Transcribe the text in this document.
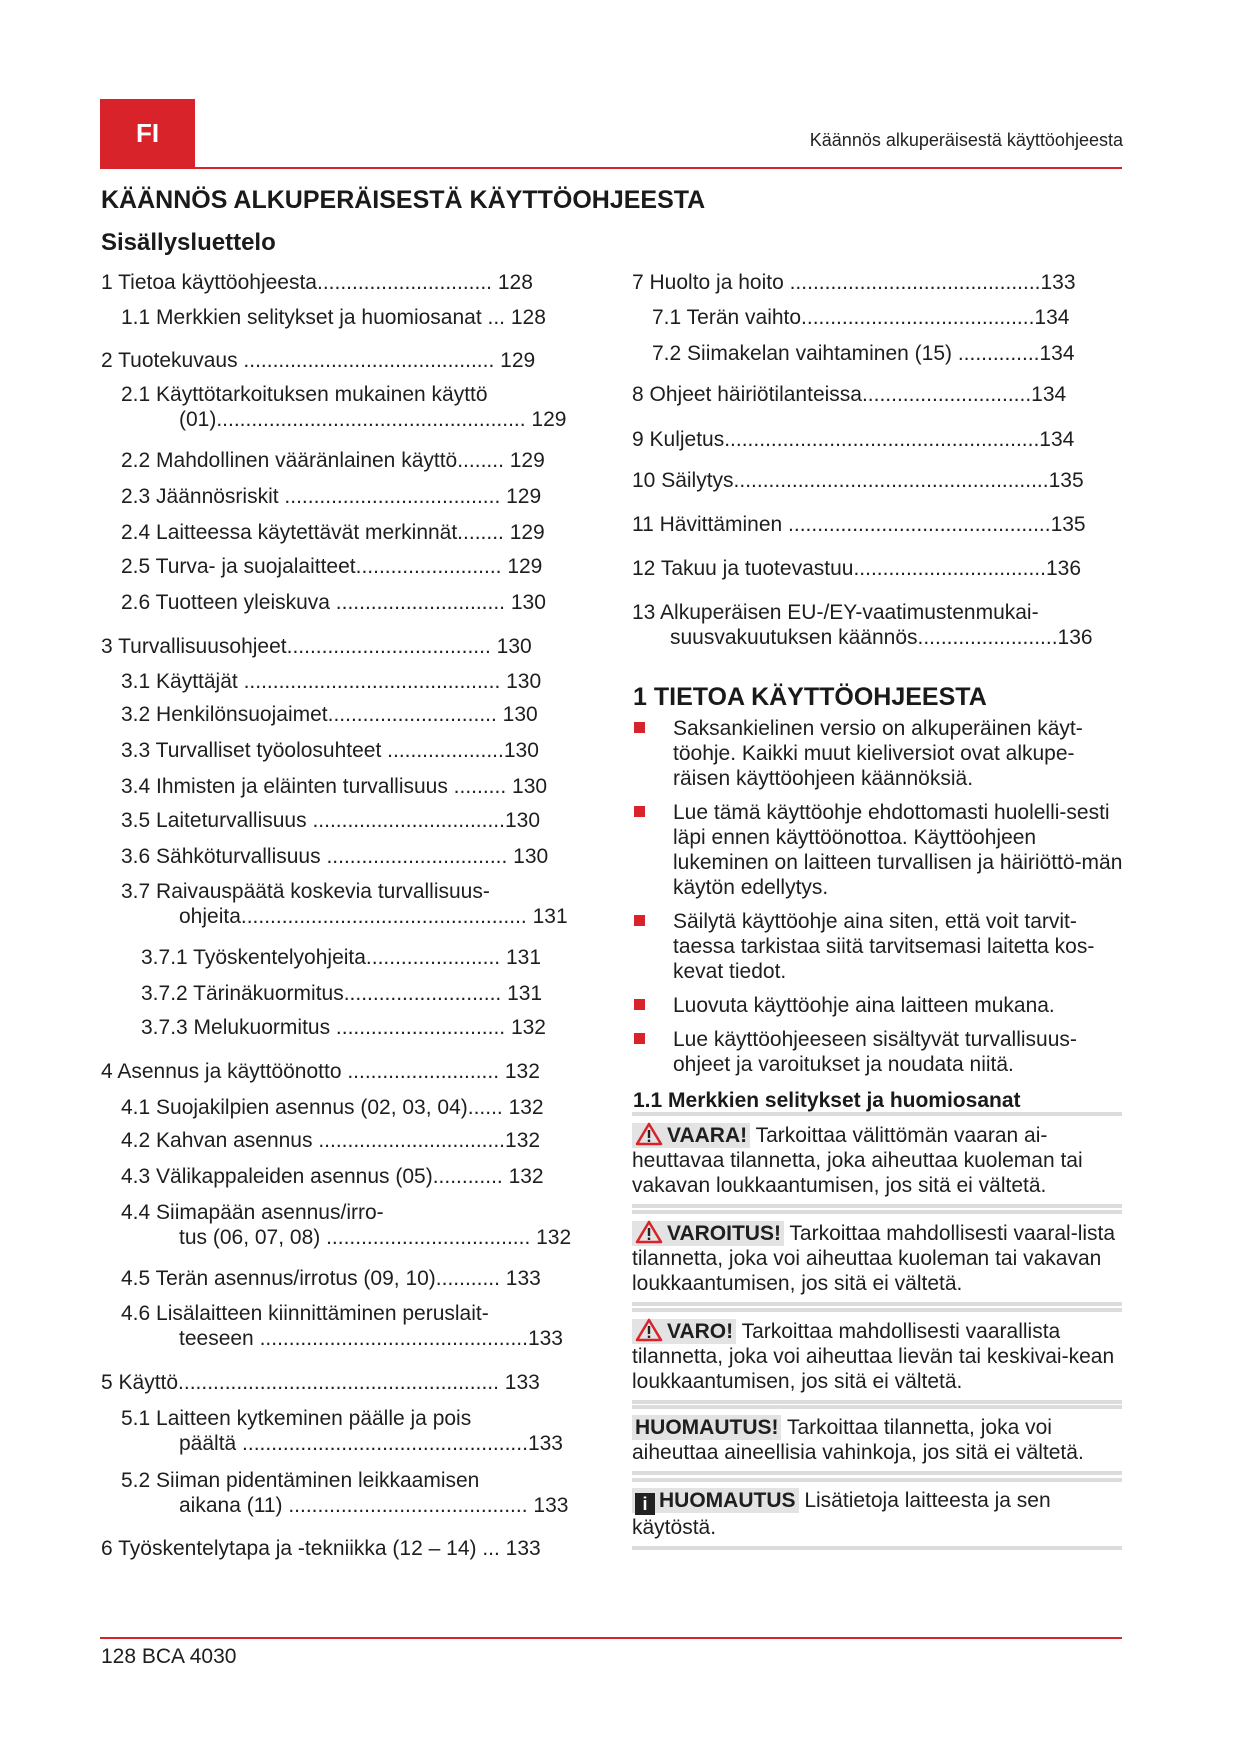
FI	Käännös alkuperäisestä käyttöohjeesta
KÄÄNNÖS ALKUPERÄISESTÄ KÄYTTÖOHJEESTA
Sisällysluettelo
1 Tietoa käyttöohjeesta.............................. 128
1.1 Merkkien selitykset ja huomiosanat ... 128
2 Tuotekuvaus ........................................... 129
2.1 Käyttötarkoituksen mukainen käyttö
(01)..................................................... 129
2.2 Mahdollinen vääränlainen käyttö........ 129
2.3 Jäännösriskit ..................................... 129
2.4 Laitteessa käytettävät merkinnät........ 129
2.5 Turva- ja suojalaitteet......................... 129
2.6 Tuotteen yleiskuva ............................. 130
3 Turvallisuusohjeet................................... 130
3.1 Käyttäjät ............................................ 130
3.2 Henkilönsuojaimet............................. 130
3.3 Turvalliset työolosuhteet ....................130
3.4 Ihmisten ja eläinten turvallisuus ......... 130
3.5 Laiteturvallisuus .................................130
3.6 Sähköturvallisuus ............................... 130
3.7 Raivauspäätä koskevia turvallisuus-
ohjeita................................................. 131
3.7.1 Työskentelyohjeita....................... 131
3.7.2 Tärinäkuormitus........................... 131
3.7.3 Melukuormitus ............................. 132
4 Asennus ja käyttöönotto .......................... 132
4.1 Suojakilpien asennus (02, 03, 04)...... 132
4.2 Kahvan asennus ................................132
4.3 Välikappaleiden asennus (05)............ 132
4.4 Siimapään asennus/irro-
tus (06, 07, 08) ................................... 132
4.5 Terän asennus/irrotus (09, 10)........... 133
4.6 Lisälaitteen kiinnittäminen peruslait-
teeseen ..............................................133
5 Käyttö....................................................... 133
5.1 Laitteen kytkeminen päälle ja pois
päältä .................................................133
5.2 Siiman pidentäminen leikkaamisen
aikana (11) ......................................... 133
6 Työskentelytapa ja -tekniikka (12 – 14) ... 133
7 Huolto ja hoito ...........................................133
7.1 Terän vaihto........................................134
7.2 Siimakelan vaihtaminen (15) ..............134
8 Ohjeet häiriötilanteissa.............................134
9 Kuljetus......................................................134
10 Säilytys......................................................135
11 Hävittäminen .............................................135
12 Takuu ja tuotevastuu.................................136
13 Alkuperäisen EU-/EY-vaatimustenmukai-
suusvakuutuksen käännös........................136
1 TIETOA KÄYTTÖOHJEESTA
Saksankielinen versio on alkuperäinen käyt-töohje. Kaikki muut kieliversiot ovat alkupe-räisen käyttöohjeen käännöksiä.
Lue tämä käyttöohje ehdottomasti huolelli-sesti läpi ennen käyttöönottoa. Käyttöohjeen lukeminen on laitteen turvallisen ja häiriöttö-män käytön edellytys.
Säilytä käyttöohje aina siten, että voit tarvit-taessa tarkistaa siitä tarvitsemasi laitetta kos-kevat tiedot.
Luovuta käyttöohje aina laitteen mukana.
Lue käyttöohjeeseen sisältyvät turvallisuus-ohjeet ja varoitukset ja noudata niitä.
1.1 Merkkien selitykset ja huomiosanat
VAARA! Tarkoittaa välittömän vaaran ai-heuttavaa tilannetta, joka aiheuttaa kuoleman tai vakavan loukkaantumisen, jos sitä ei vältetä.
VAROITUS! Tarkoittaa mahdollisesti vaaral-lista tilannetta, joka voi aiheuttaa kuoleman tai vakavan loukkaantumisen, jos sitä ei vältetä.
VARO! Tarkoittaa mahdollisesti vaarallista tilannetta, joka voi aiheuttaa lievän tai keskivai-kean loukkaantumisen, jos sitä ei vältetä.
HUOMAUTUS! Tarkoittaa tilannetta, joka voi aiheuttaa aineellisia vahinkoja, jos sitä ei vältetä.
i HUOMAUTUS Lisätietoja laitteesta ja sen käytöstä.
128 BCA 4030
